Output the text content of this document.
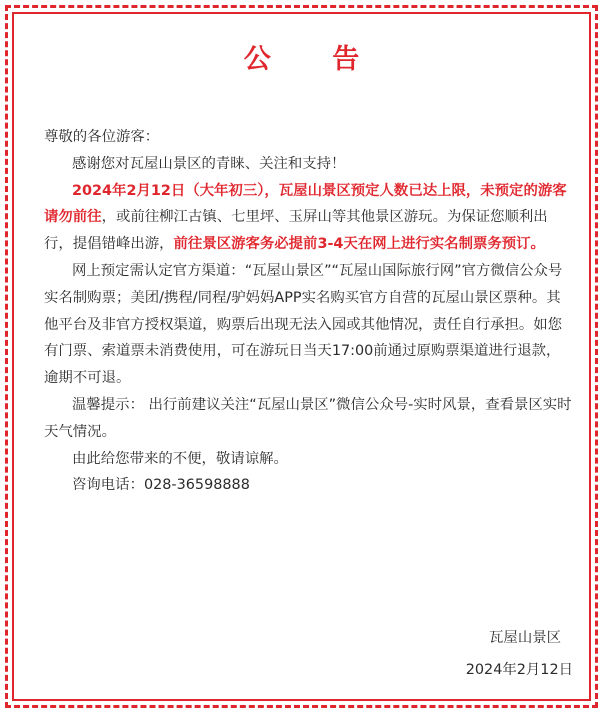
公 告

尊敬的各位游客：

感谢您对瓦屋山景区的青睐、关注和支持！

2024年2月12日（大年初三），瓦屋山景区预定人数已达上限，未预定的游客请勿前往，或前往柳江古镇、七里坪、玉屏山等其他景区游玩。为保证您顺利出行，提倡错峰出游，前往景区游客务必提前3-4天在网上进行实名制票务预订。

网上预定需认定官方渠道：“瓦屋山景区”“瓦屋山国际旅行网”官方微信公众号实名制购票；美团/携程/同程/驴妈妈APP实名购买官方自营的瓦屋山景区票种。其他平台及非官方授权渠道，购票后出现无法入园或其他情况，责任自行承担。如您有门票、索道票未消费使用，可在游玩日当天17:00前通过原购票渠道进行退款，逾期不可退。

温馨提示： 出行前建议关注“瓦屋山景区”微信公众号-实时风景，查看景区实时天气情况。

由此给您带来的不便，敬请谅解。

咨询电话：028-36598888

瓦屋山景区
2024年2月12日
